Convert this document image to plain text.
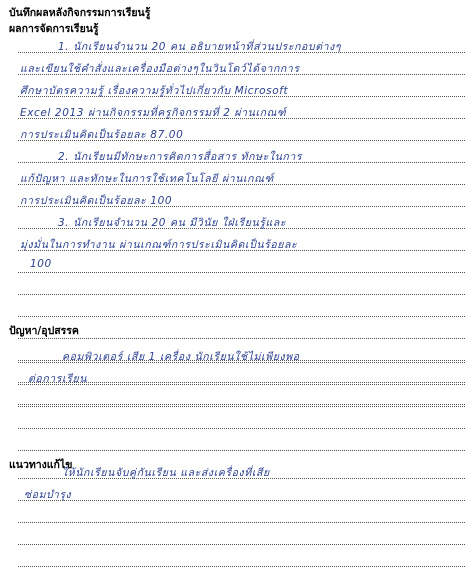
บันทึกผลหลังกิจกรรมการเรียนรู้
ผลการจัดการเรียนรู้
1. นักเรียนจำนวน 20 คน อธิบายหน้าที่ส่วนประกอบต่างๆ
และเขียนใช้คำสั่งและเครื่องมือต่างๆในวินโดว์ได้จากการ
ศึกษาบัตรความรู้ เรื่องความรู้ทั่วไปเกี่ยวกับ Microsoft
Excel 2013 ผ่านกิจกรรมที่ครูกิจกรรมที่ 2 ผ่านเกณฑ์
การประเมินคิดเป็นร้อยละ 87.00
2. นักเรียนมีทักษะการคิดการสื่อสาร ทักษะในการ
แก้ปัญหา และทักษะในการใช้เทคโนโลยี ผ่านเกณฑ์
การประเมินคิดเป็นร้อยละ 100
3. นักเรียนจำนวน 20 คน มีวินัย ใฝ่เรียนรู้และ
มุ่งมั่นในการทำงาน ผ่านเกณฑ์การประเมินคิดเป็นร้อยละ
100
ปัญหา/อุปสรรค
คอมพิวเตอร์ เสีย 1 เครื่อง นักเรียนใช้ไม่เพียงพอ
ต่อการเรียน
แนวทางแก้ไข
ให้นักเรียนจับคู่กันเรียน และส่งเครื่องที่เสีย
ซ่อมบำรุง
